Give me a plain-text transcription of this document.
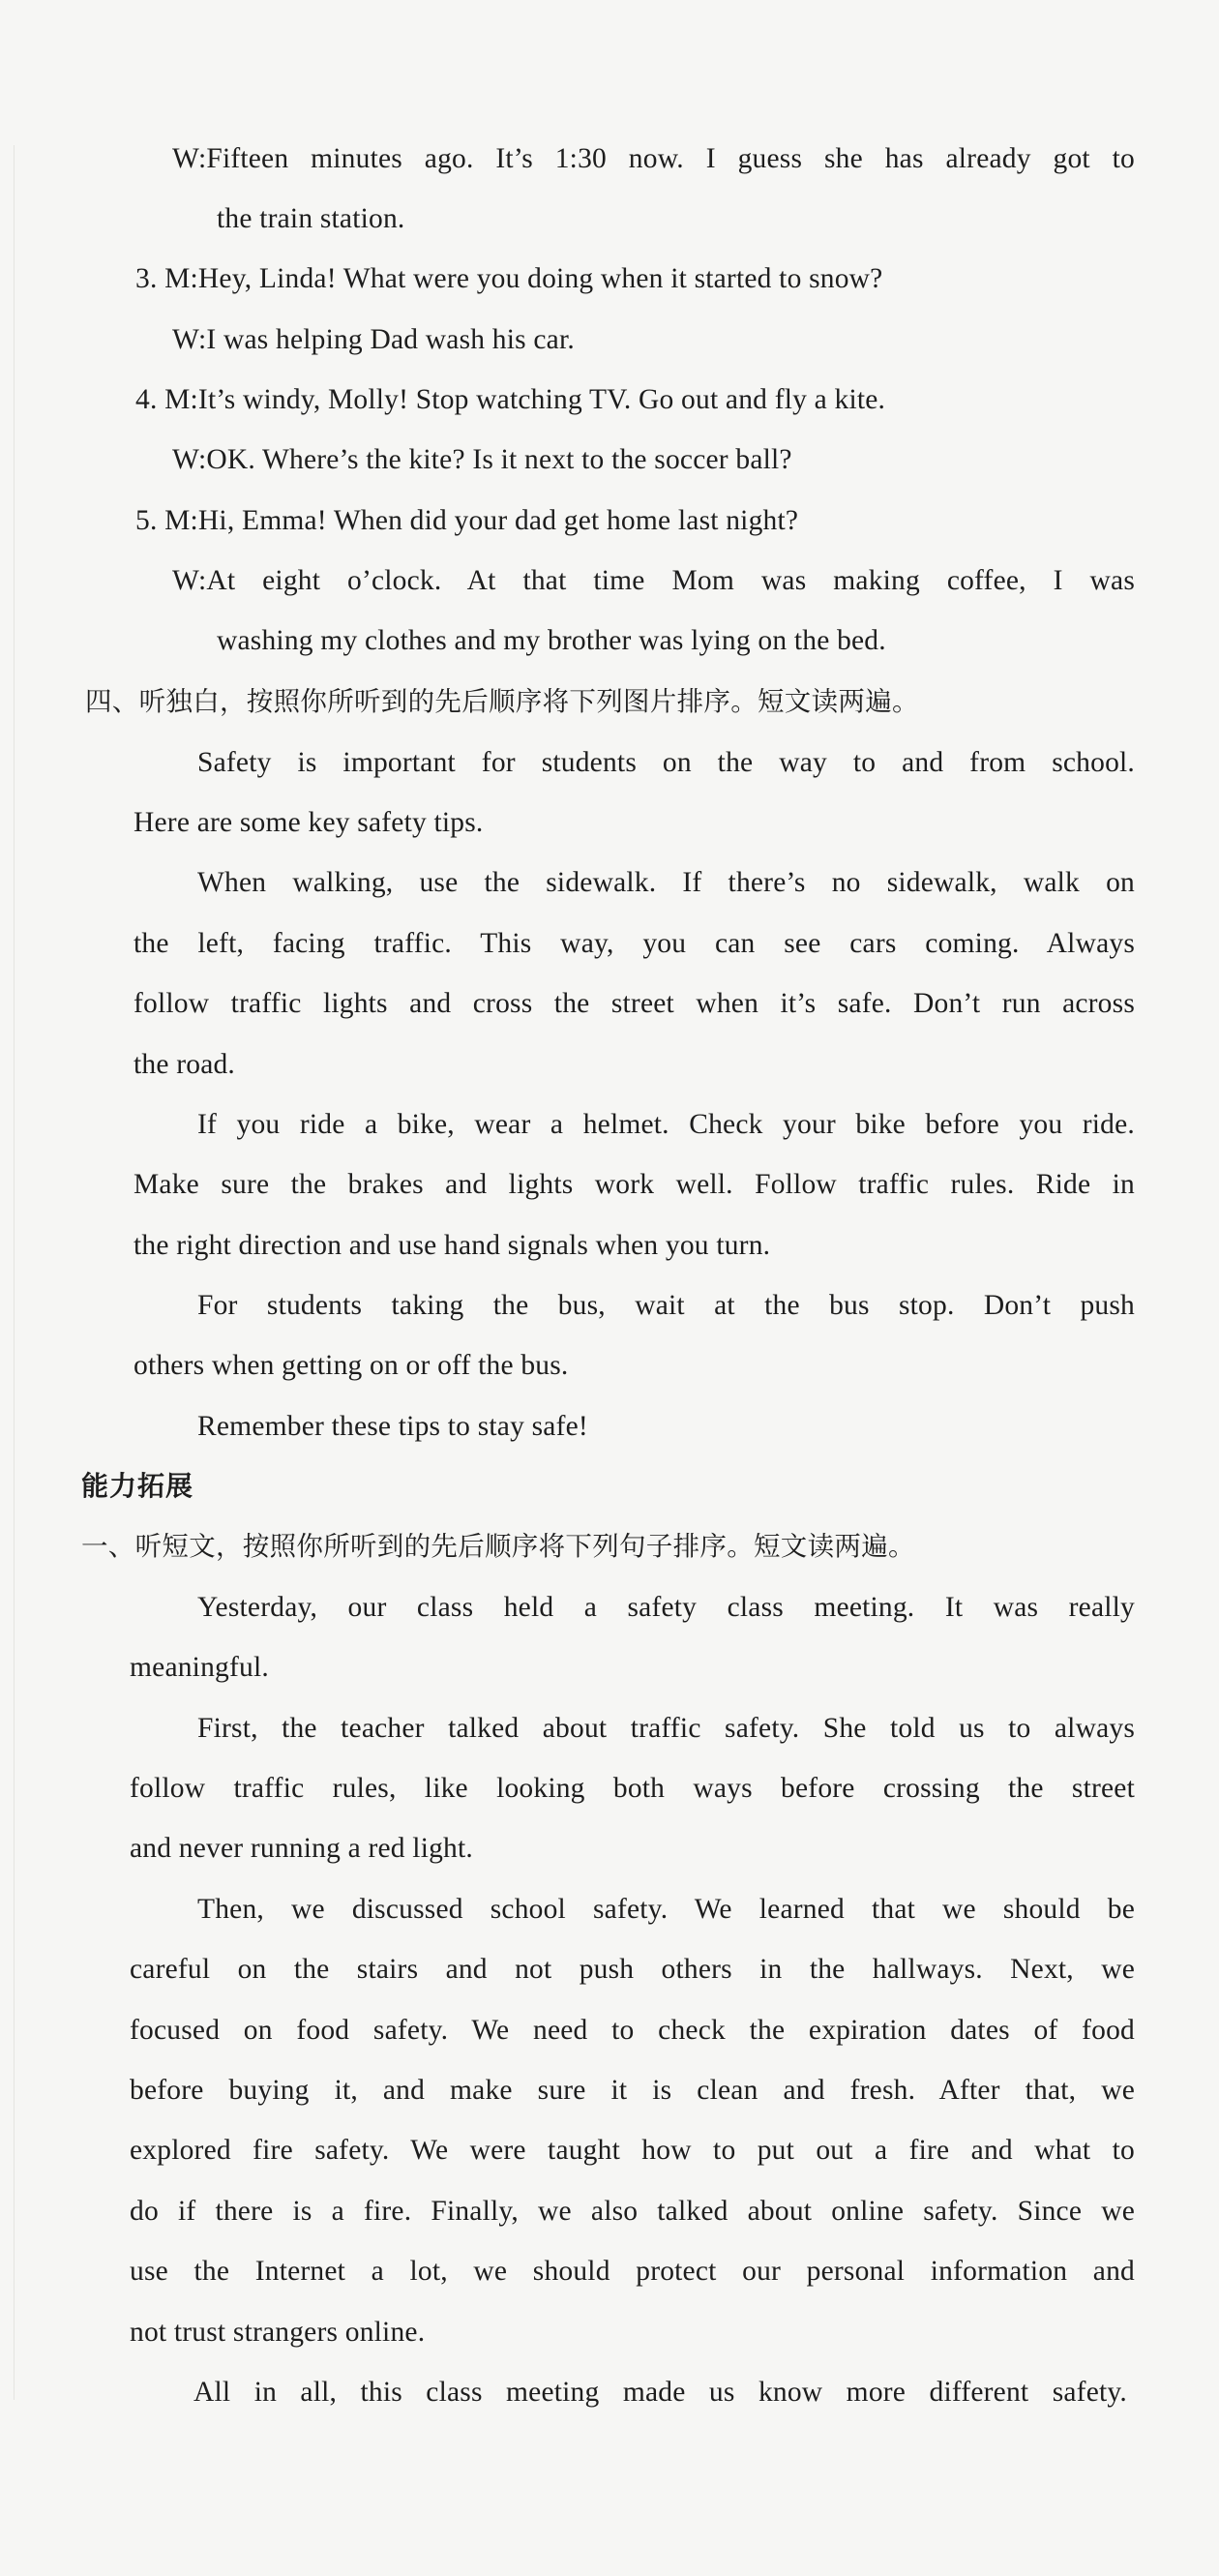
W:Fifteen minutes ago. It’s 1:30 now. I guess she has already got to
the train station.
3. M:Hey, Linda! What were you doing when it started to snow?
W:I was helping Dad wash his car.
4. M:It’s windy, Molly! Stop watching TV. Go out and fly a kite.
W:OK. Where’s the kite? Is it next to the soccer ball?
5. M:Hi, Emma! When did your dad get home last night?
W:At eight o’clock. At that time Mom was making coffee, I was
washing my clothes and my brother was lying on the bed.
四、听独白，按照你所听到的先后顺序将下列图片排序。短文读两遍。
Safety is important for students on the way to and from school.
Here are some key safety tips.
When walking, use the sidewalk. If there’s no sidewalk, walk on
the left, facing traffic. This way, you can see cars coming. Always
follow traffic lights and cross the street when it’s safe. Don’t run across
the road.
If you ride a bike, wear a helmet. Check your bike before you ride.
Make sure the brakes and lights work well. Follow traffic rules. Ride in
the right direction and use hand signals when you turn.
For students taking the bus, wait at the bus stop. Don’t push
others when getting on or off the bus.
Remember these tips to stay safe!
能力拓展
一、听短文，按照你所听到的先后顺序将下列句子排序。短文读两遍。
Yesterday, our class held a safety class meeting. It was really
meaningful.
First, the teacher talked about traffic safety. She told us to always
follow traffic rules, like looking both ways before crossing the street
and never running a red light.
Then, we discussed school safety. We learned that we should be
careful on the stairs and not push others in the hallways. Next, we
focused on food safety. We need to check the expiration dates of food
before buying it, and make sure it is clean and fresh. After that, we
explored fire safety. We were taught how to put out a fire and what to
do if there is a fire. Finally, we also talked about online safety. Since we
use the Internet a lot, we should protect our personal information and
not trust strangers online.
All in all, this class meeting made us know more different safety.
